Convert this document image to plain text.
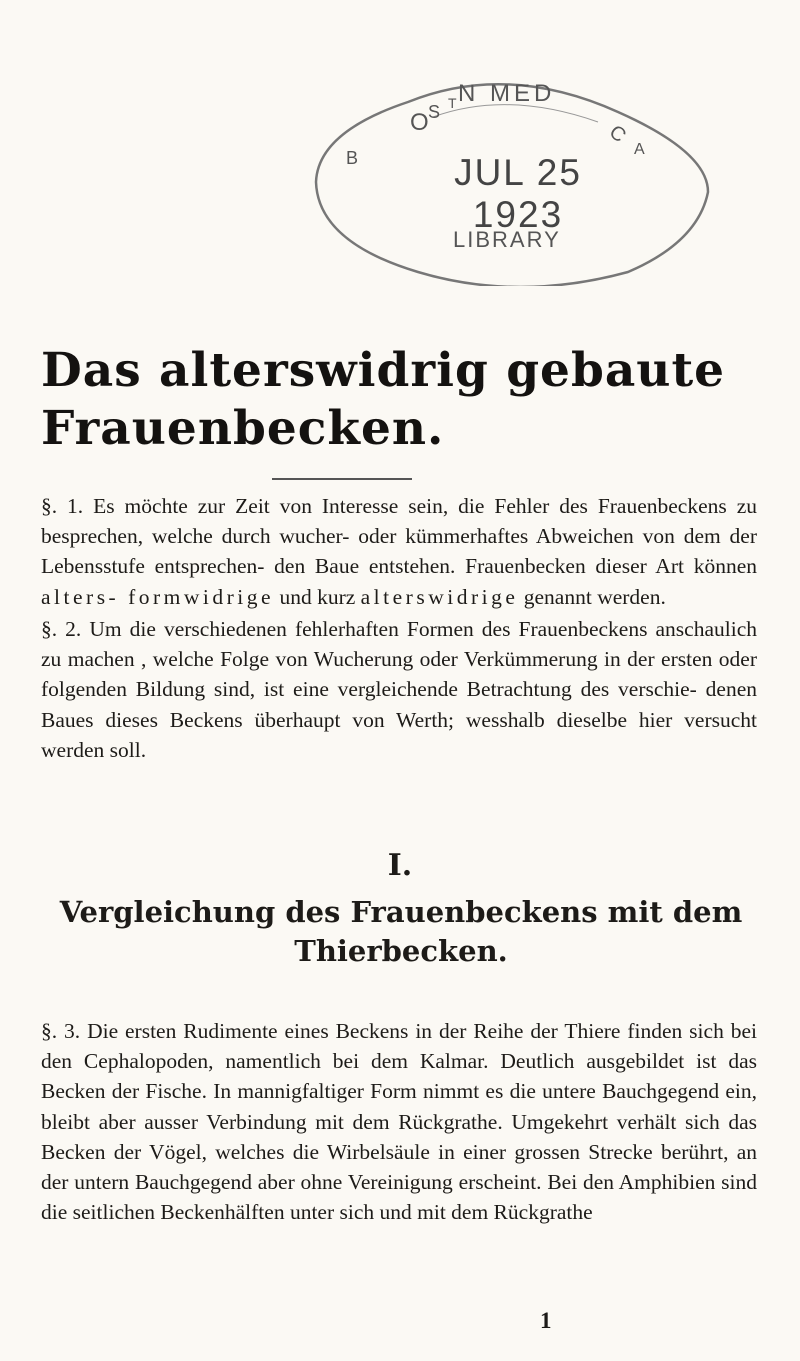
O S T
C
A
B
N MED
JUL 25 1923
LIBRARY
Das alterswidrig gebaute Frauenbecken.

§. 1. Es möchte zur Zeit von Interesse sein, die Fehler des Frauenbeckens zu besprechen, welche durch wucher- oder kümmerhaftes Abweichen von dem der Lebensstufe entsprechen- den Baue entstehen. Frauenbecken dieser Art können alters- formwidrige und kurz alterswidrige genannt werden.

§. 2. Um die verschiedenen fehlerhaften Formen des Frauenbeckens anschaulich zu machen , welche Folge von Wucherung oder Verkümmerung in der ersten oder folgenden Bildung sind, ist eine vergleichende Betrachtung des verschie- denen Baues dieses Beckens überhaupt von Werth; wesshalb dieselbe hier versucht werden soll.

I.
Vergleichung des Frauenbeckens mit dem Thierbecken.

§. 3. Die ersten Rudimente eines Beckens in der Reihe der Thiere finden sich bei den Cephalopoden, namentlich bei dem Kalmar. Deutlich ausgebildet ist das Becken der Fische. In mannigfaltiger Form nimmt es die untere Bauchgegend ein, bleibt aber ausser Verbindung mit dem Rückgrathe. Umgekehrt verhält sich das Becken der Vögel, welches die Wirbelsäule in einer grossen Strecke berührt, an der untern Bauchgegend aber ohne Vereinigung erscheint. Bei den Amphibien sind die seitlichen Beckenhälften unter sich und mit dem Rückgrathe

1
